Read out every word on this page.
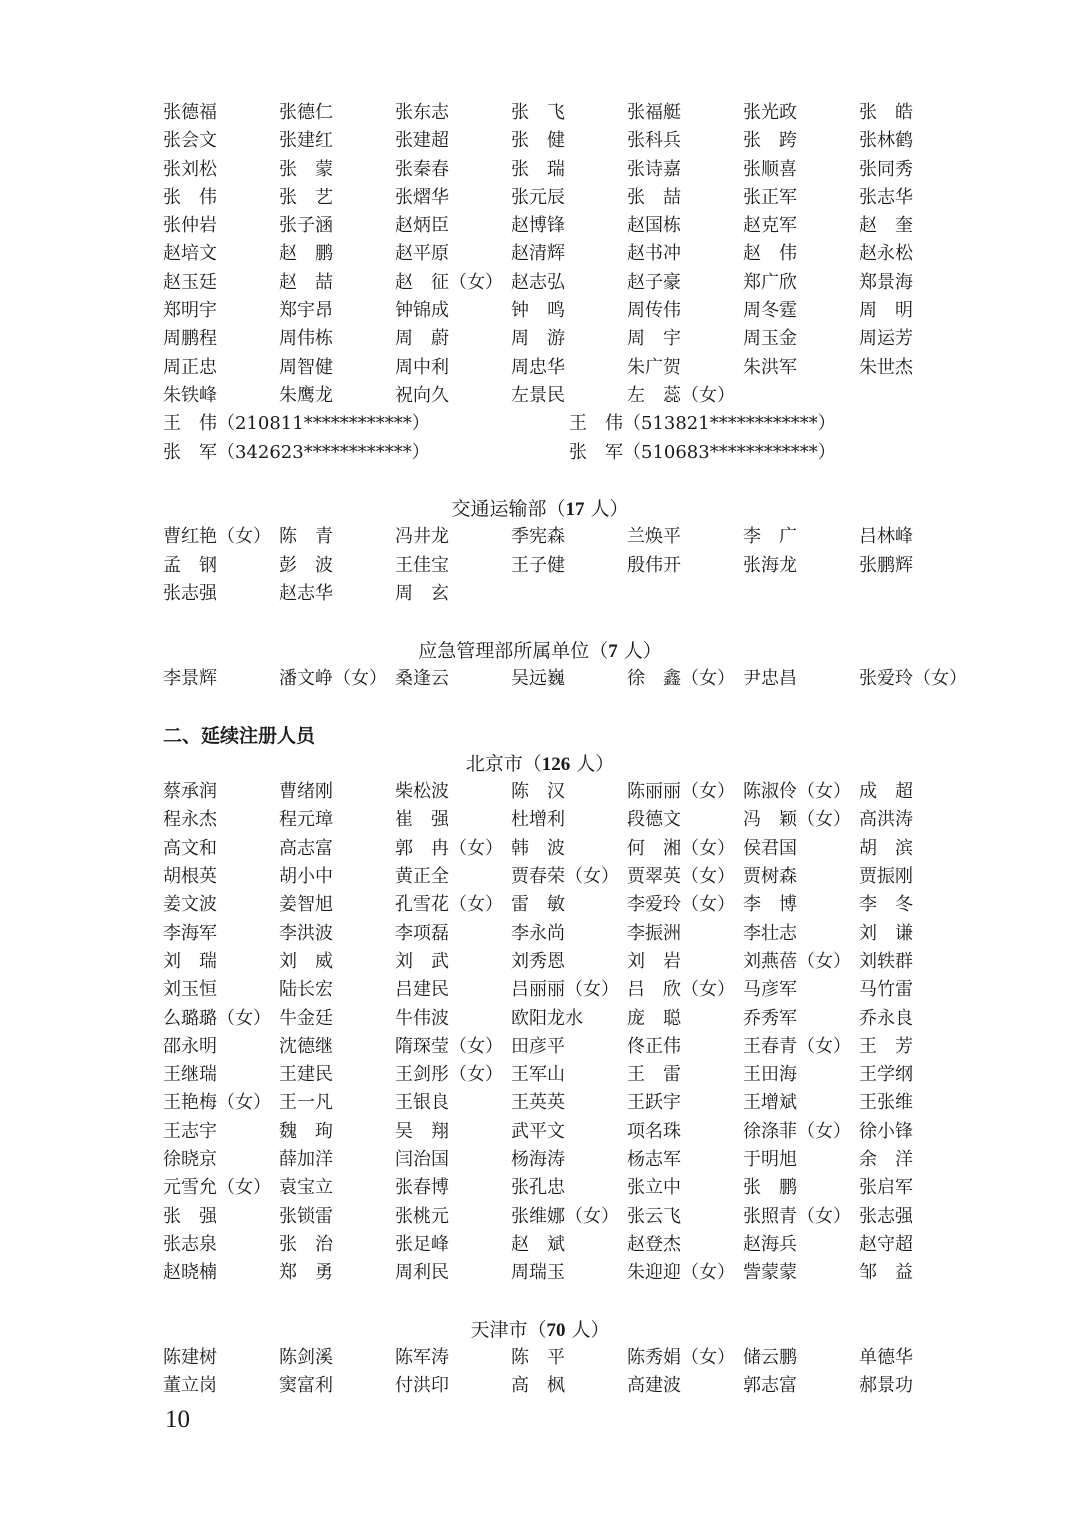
张德福	张德仁	张东志	张　飞	张福艇	张光政	张　皓
张会文	张建红	张建超	张　健	张科兵	张　跨	张林鹤
张刘松	张　蒙	张秦春	张　瑞	张诗嘉	张顺喜	张同秀
张　伟	张　艺	张熠华	张元辰	张　喆	张正军	张志华
张仲岩	张子涵	赵炳臣	赵博锋	赵国栋	赵克军	赵　奎
赵培文	赵　鹏	赵平原	赵清辉	赵书冲	赵　伟	赵永松
赵玉廷	赵　喆	赵　征（女） 赵志弘	赵子豪	郑广欣	郑景海
郑明宇	郑宇昂	钟锦成	钟　鸣	周传伟	周冬霆	周　明
周鹏程	周伟栋	周　蔚	周　游	周　宇	周玉金	周运芳
周正忠	周智健	周中利	周忠华	朱广贺	朱洪军	朱世杰
朱铁峰	朱鹰龙	祝向久	左景民	左　蕊（女）
王　伟（210811************）	王　伟（513821************）
张　军（342623************）	张　军（510683************）
交通运输部（17 人）
曹红艳（女） 陈　青	冯井龙	季宪森	兰焕平	李　广	吕林峰
孟　钢	彭　波	王佳宝	王子健	殷伟开	张海龙	张鹏辉
张志强	赵志华	周　玄
应急管理部所属单位（7 人）
李景辉	潘文峥（女） 桑逢云	吴远巍	徐　鑫（女） 尹忠昌	张爱玲（女）
二、延续注册人员
北京市（126 人）
蔡承润	曹绪刚	柴松波	陈　汉	陈丽丽（女） 陈淑伶（女） 成　超
程永杰	程元璋	崔　强	杜增利	段德文	冯　颖（女） 高洪涛
高文和	高志富	郭　冉（女） 韩　波	何　湘（女） 侯君国	胡　滨
胡根英	胡小中	黄正全	贾春荣（女） 贾翠英（女） 贾树森	贾振刚
姜文波	姜智旭	孔雪花（女） 雷　敏	李爱玲（女） 李　博	李　冬
李海军	李洪波	李项磊	李永尚	李振洲	李壮志	刘　谦
刘　瑞	刘　威	刘　武	刘秀恩	刘　岩	刘燕蓓（女） 刘轶群
刘玉恒	陆长宏	吕建民	吕丽丽（女） 吕　欣（女） 马彦军	马竹雷
么璐璐（女） 牛金廷	牛伟波	欧阳龙水	庞　聪	乔秀军	乔永良
邵永明	沈德继	隋琛莹（女） 田彦平	佟正伟	王春青（女） 王　芳
王继瑞	王建民	王剑彤（女） 王军山	王　雷	王田海	王学纲
王艳梅（女） 王一凡	王银良	王英英	王跃宇	王增斌	王张维
王志宇	魏　珣	吴　翔	武平文	项名珠	徐涤菲（女） 徐小锋
徐晓京	薛加洋	闫治国	杨海涛	杨志军	于明旭	余　洋
元雪允（女） 袁宝立	张春博	张孔忠	张立中	张　鹏	张启军
张　强	张锁雷	张桃元	张维娜（女） 张云飞	张照青（女） 张志强
张志泉	张　治	张足峰	赵　斌	赵登杰	赵海兵	赵守超
赵晓楠	郑　勇	周利民	周瑞玉	朱迎迎（女） 訾蒙蒙	邹　益
天津市（70 人）
陈建树	陈剑溪	陈军涛	陈　平	陈秀娟（女） 储云鹏	单德华
董立岗	窦富利	付洪印	高　枫	高建波	郭志富	郝景功
10
